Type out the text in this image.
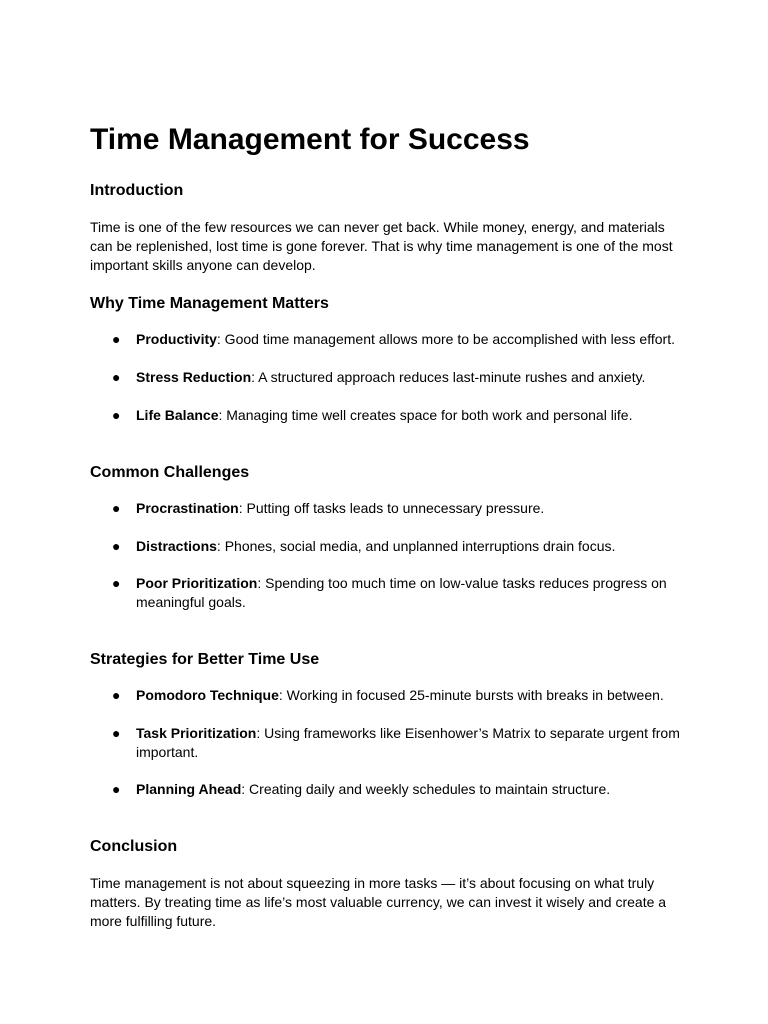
Time Management for Success
Introduction

Time is one of the few resources we can never get back. While money, energy, and materials can be replenished, lost time is gone forever. That is why time management is one of the most important skills anyone can develop.

Why Time Management Matters
● Productivity: Good time management allows more to be accomplished with less effort.
● Stress Reduction: A structured approach reduces last-minute rushes and anxiety.
● Life Balance: Managing time well creates space for both work and personal life.
Common Challenges
● Procrastination: Putting off tasks leads to unnecessary pressure.
● Distractions: Phones, social media, and unplanned interruptions drain focus.
● Poor Prioritization: Spending too much time on low-value tasks reduces progress on meaningful goals.
Strategies for Better Time Use
● Pomodoro Technique: Working in focused 25-minute bursts with breaks in between.
● Task Prioritization: Using frameworks like Eisenhower’s Matrix to separate urgent from important.
● Planning Ahead: Creating daily and weekly schedules to maintain structure.
Conclusion

Time management is not about squeezing in more tasks — it’s about focusing on what truly matters. By treating time as life’s most valuable currency, we can invest it wisely and create a more fulfilling future.
